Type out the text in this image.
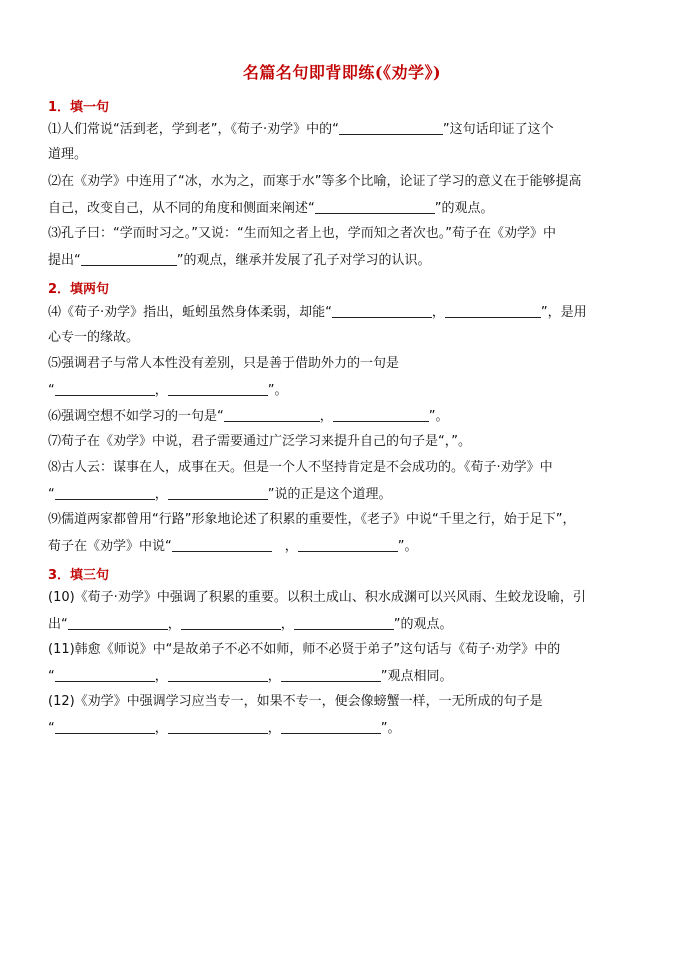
名篇名句即背即练(《劝学》)
1．填一句
⑴人们常说“活到老，学到老”，《荀子·劝学》中的“	”这句话印证了这个
道理。
⑵在《劝学》中连用了“冰，水为之，而寒于水”等多个比喻，论证了学习的意义在于能够提高
自己，改变自己，从不同的角度和侧面来阐述“	”的观点。
⑶孔子曰：“学而时习之。”又说：“生而知之者上也，学而知之者次也。”荀子在《劝学》中
提出“	”的观点，继承并发展了孔子对学习的认识。
2．填两句
⑷《荀子·劝学》指出，蚯蚓虽然身体柔弱，却能“	，	”，是用
心专一的缘故。
⑸强调君子与常人本性没有差别，只是善于借助外力的一句是
“	，	”。
⑹强调空想不如学习的一句是“	，	”。
⑺荀子在《劝学》中说，君子需要通过广泛学习来提升自己的句子是“，”。
⑻古人云：谋事在人，成事在天。但是一个人不坚持肯定是不会成功的。《荀子·劝学》中
“	，	”说的正是这个道理。
⑼儒道两家都曾用“行路”形象地论述了积累的重要性，《老子》中说“千里之行，始于足下”，
荀子在《劝学》中说“	　，	”。
3．填三句
(10)《荀子·劝学》中强调了积累的重要。以积土成山、积水成渊可以兴风雨、生蛟龙设喻，引
出“	，	，	”的观点。
(11)韩愈《师说》中“是故弟子不必不如师，师不必贤于弟子”这句话与《荀子·劝学》中的
“	，	，	”观点相同。
(12)《劝学》中强调学习应当专一，如果不专一，便会像螃蟹一样，一无所成的句子是
“	，	，	”。
